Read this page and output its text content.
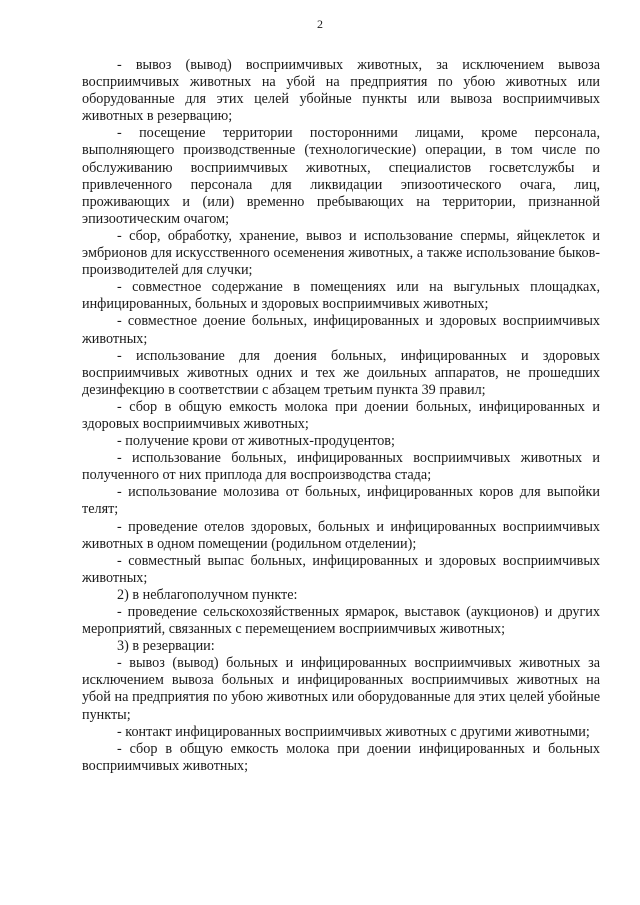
2

- вывоз (вывод) восприимчивых животных, за исключением вывоза восприимчивых животных на убой на предприятия по убою животных или оборудованные для этих целей убойные пункты или вывоза восприимчивых животных в резервацию;

- посещение территории посторонними лицами, кроме персонала, выполняющего производственные (технологические) операции, в том числе по обслуживанию восприимчивых животных, специалистов госветслужбы и привлеченного персонала для ликвидации эпизоотического очага, лиц, проживающих и (или) временно пребывающих на территории, признанной эпизоотическим очагом;

- сбор, обработку, хранение, вывоз и использование спермы, яйцеклеток и эмбрионов для искусственного осеменения животных, а также использование быков-производителей для случки;

- совместное содержание в помещениях или на выгульных площадках, инфицированных, больных и здоровых восприимчивых животных;

- совместное доение больных, инфицированных и здоровых восприимчивых животных;

- использование для доения больных, инфицированных и здоровых восприимчивых животных одних и тех же доильных аппаратов, не прошедших дезинфекцию в соответствии с абзацем третьим пункта 39 правил;

- сбор в общую емкость молока при доении больных, инфицированных и здоровых восприимчивых животных;

- получение крови от животных-продуцентов;

- использование больных, инфицированных восприимчивых животных и полученного от них приплода для воспроизводства стада;

- использование молозива от больных, инфицированных коров для выпойки телят;

- проведение отелов здоровых, больных и инфицированных восприимчивых животных в одном помещении (родильном отделении);

- совместный выпас больных, инфицированных и здоровых восприимчивых животных;

2) в неблагополучном пункте:

- проведение сельскохозяйственных ярмарок, выставок (аукционов) и других мероприятий, связанных с перемещением восприимчивых животных;

3) в резервации:

- вывоз (вывод) больных и инфицированных восприимчивых животных за исключением вывоза больных и инфицированных восприимчивых животных на убой на предприятия по убою животных или оборудованные для этих целей убойные пункты;

- контакт инфицированных восприимчивых животных с другими животными;

- сбор в общую емкость молока при доении инфицированных и больных восприимчивых животных;
